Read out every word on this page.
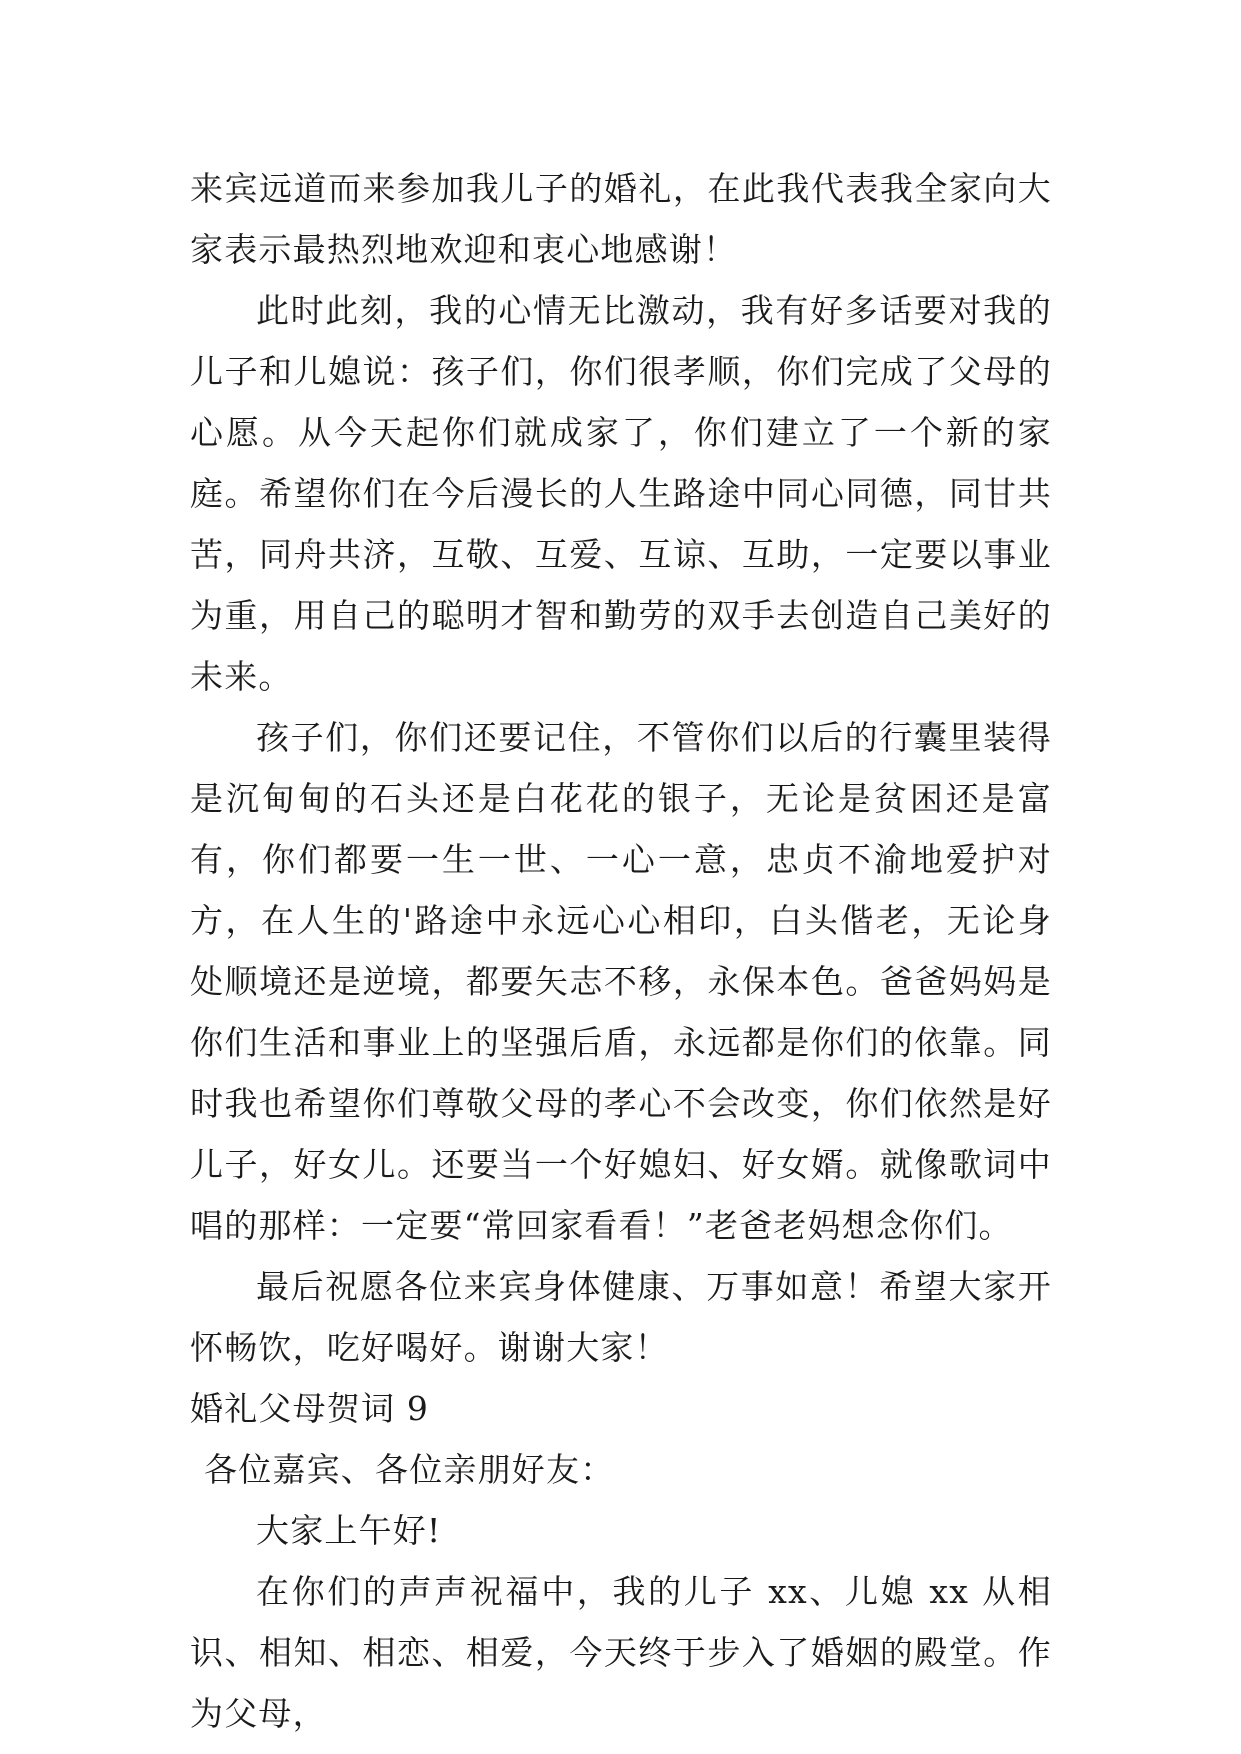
来宾远道而来参加我儿子的婚礼，在此我代表我全家向大家表示最热烈地欢迎和衷心地感谢！

此时此刻，我的心情无比激动，我有好多话要对我的儿子和儿媳说：孩子们，你们很孝顺，你们完成了父母的心愿。从今天起你们就成家了，你们建立了一个新的家庭。希望你们在今后漫长的人生路途中同心同德，同甘共苦，同舟共济，互敬、互爱、互谅、互助，一定要以事业为重，用自己的聪明才智和勤劳的双手去创造自己美好的未来。

孩子们，你们还要记住，不管你们以后的行囊里装得是沉甸甸的石头还是白花花的银子，无论是贫困还是富有，你们都要一生一世、一心一意，忠贞不渝地爱护对方，在人生的'路途中永远心心相印，白头偕老，无论身处顺境还是逆境，都要矢志不移，永保本色。爸爸妈妈是你们生活和事业上的坚强后盾，永远都是你们的依靠。同时我也希望你们尊敬父母的孝心不会改变，你们依然是好儿子，好女儿。还要当一个好媳妇、好女婿。就像歌词中唱的那样：一定要“常回家看看！”老爸老妈想念你们。

最后祝愿各位来宾身体健康、万事如意！希望大家开怀畅饮，吃好喝好。谢谢大家！

婚礼父母贺词 9

各位嘉宾、各位亲朋好友：

大家上午好!

在你们的声声祝福中，我的儿子 xx、儿媳 xx 从相识、相知、相恋、相爱，今天终于步入了婚姻的殿堂。作为父母，
